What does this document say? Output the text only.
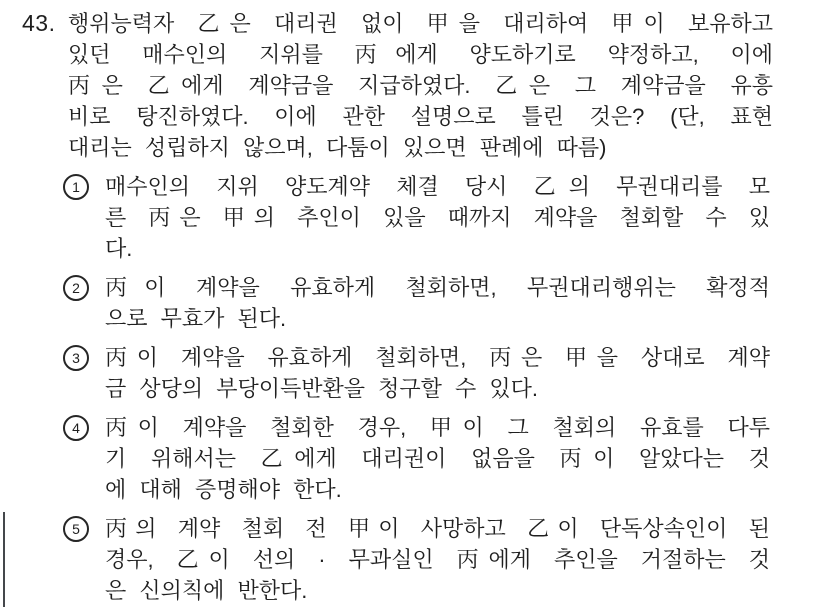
43. 행위능력자 乙은 대리권 없이 甲을 대리하여 甲이 보유하고
있던 매수인의 지위를 丙에게 양도하기로 약정하고, 이에
丙은 乙에게 계약금을 지급하였다. 乙은 그 계약금을 유흥
비로 탕진하였다. 이에 관한 설명으로 틀린 것은? (단, 표현
대리는 성립하지 않으며, 다툼이 있으면 판례에 따름)
1 매수인의 지위 양도계약 체결 당시 乙의 무권대리를 모
른 丙은 甲의 추인이 있을 때까지 계약을 철회할 수 있
다.
2 丙이 계약을 유효하게 철회하면, 무권대리행위는 확정적
으로 무효가 된다.
3 丙이 계약을 유효하게 철회하면, 丙은 甲을 상대로 계약
금 상당의 부당이득반환을 청구할 수 있다.
4 丙이 계약을 철회한 경우, 甲이 그 철회의 유효를 다투
기 위해서는 乙에게 대리권이 없음을 丙이 알았다는 것
에 대해 증명해야 한다.
5 丙의 계약 철회 전 甲이 사망하고 乙이 단독상속인이 된
경우, 乙이 선의 · 무과실인 丙에게 추인을 거절하는 것
은 신의칙에 반한다.
